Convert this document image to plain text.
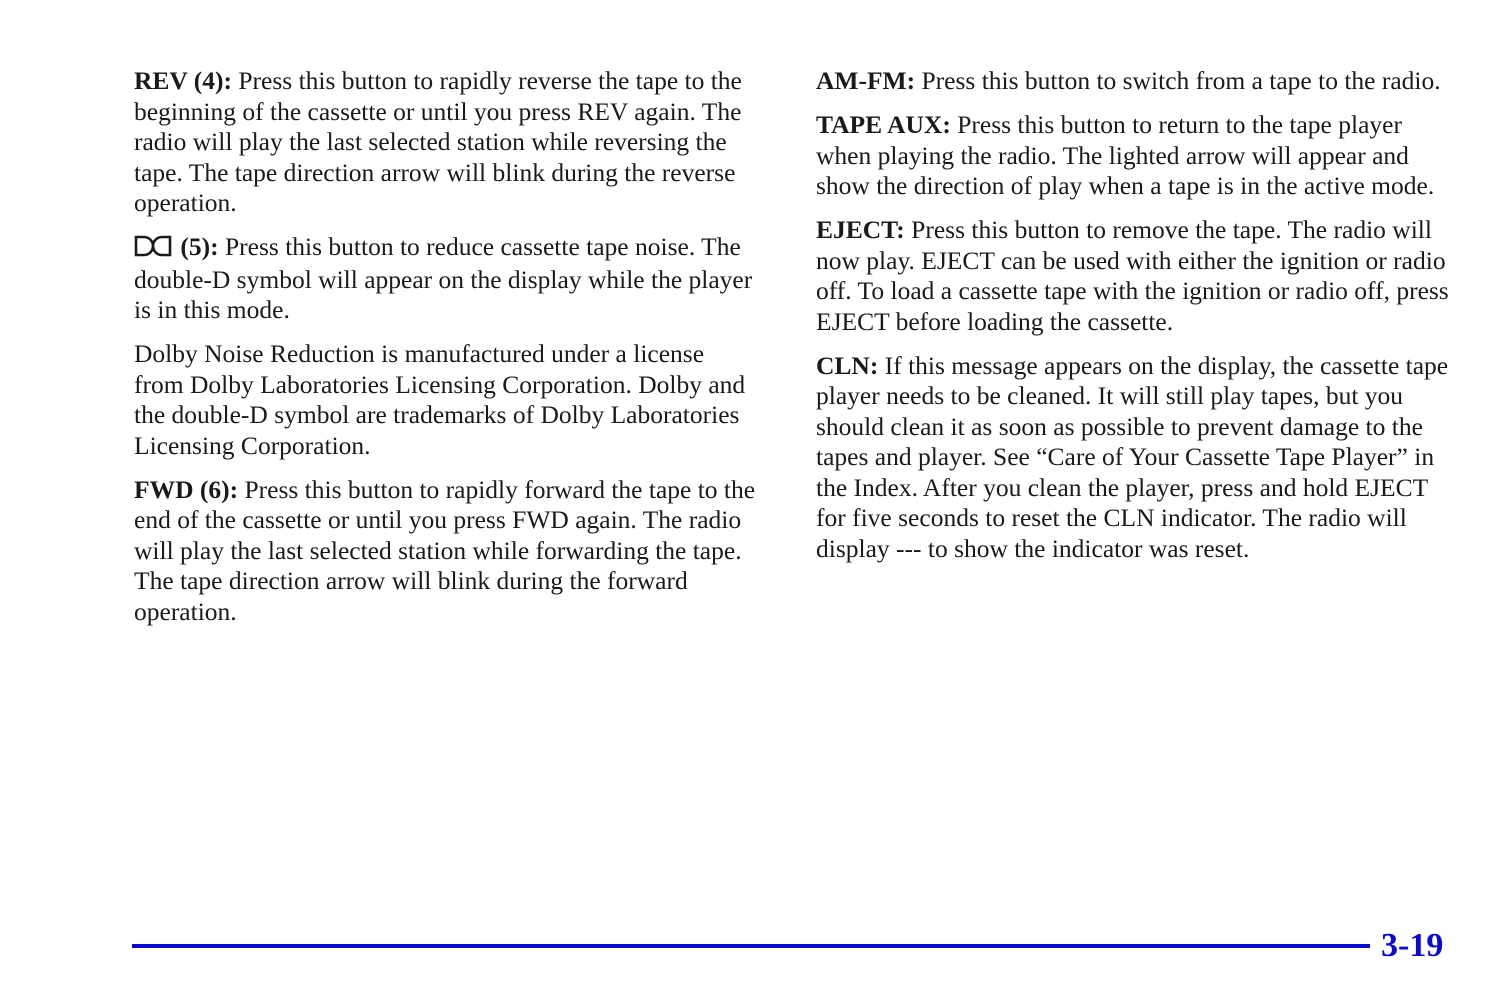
REV (4): Press this button to rapidly reverse the tape to the beginning of the cassette or until you press REV again. The radio will play the last selected station while reversing the tape. The tape direction arrow will blink during the reverse operation.

(5): Press this button to reduce cassette tape noise. The double-D symbol will appear on the display while the player is in this mode.

Dolby Noise Reduction is manufactured under a license from Dolby Laboratories Licensing Corporation. Dolby and the double-D symbol are trademarks of Dolby Laboratories Licensing Corporation.

FWD (6): Press this button to rapidly forward the tape to the end of the cassette or until you press FWD again. The radio will play the last selected station while forwarding the tape. The tape direction arrow will blink during the forward operation.

AM-FM: Press this button to switch from a tape to the radio.

TAPE AUX: Press this button to return to the tape player when playing the radio. The lighted arrow will appear and show the direction of play when a tape is in the active mode.

EJECT: Press this button to remove the tape. The radio will now play. EJECT can be used with either the ignition or radio off. To load a cassette tape with the ignition or radio off, press EJECT before loading the cassette.

CLN: If this message appears on the display, the cassette tape player needs to be cleaned. It will still play tapes, but you should clean it as soon as possible to prevent damage to the tapes and player. See “Care of Your Cassette Tape Player” in the Index. After you clean the player, press and hold EJECT for five seconds to reset the CLN indicator. The radio will display --- to show the indicator was reset.

3-19
